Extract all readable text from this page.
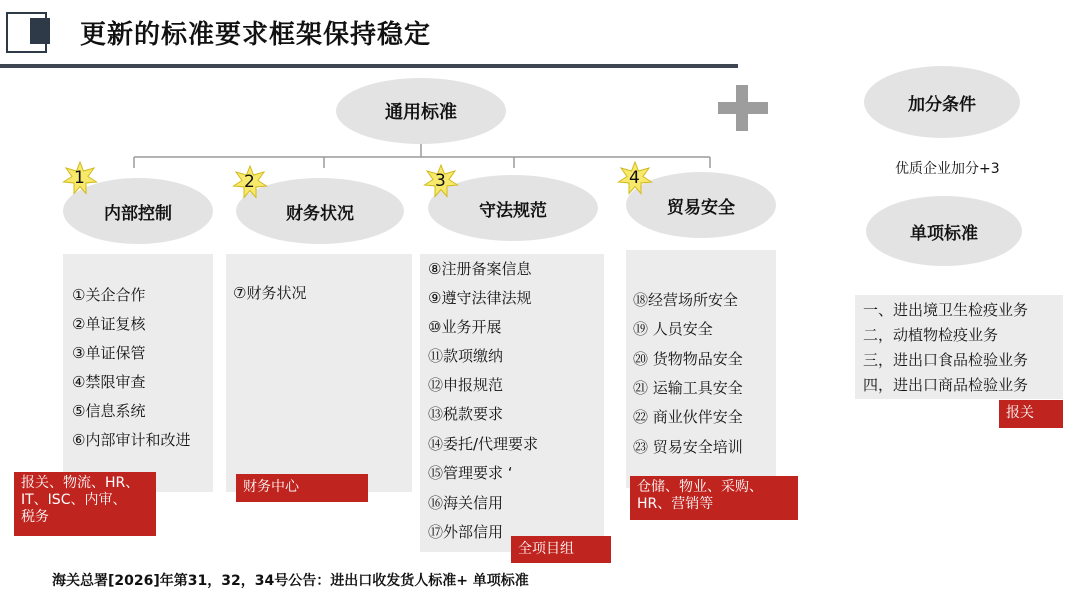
更新的标准要求框架保持稳定
通用标准
内部控制	财务状况	守法规范	贸易安全
1	2	3	4
①关企合作
②单证复核
③单证保管
④禁限审查
⑤信息系统
⑥内部审计和改进
⑦财务状况
⑧注册备案信息
⑨遵守法律法规
⑩业务开展
⑪款项缴纳
⑫申报规范
⑬税款要求
⑭委托/代理要求
⑮管理要求 ‘
⑯海关信用
⑰外部信用
⑱经营场所安全
⑲ 人员安全
⑳ 货物物品安全
㉑ 运输工具安全
㉒ 商业伙伴安全
㉓ 贸易安全培训
报关、物流、HR、
IT、ISC、内审、
税务
财务中心
全项目组
仓储、物业、采购、
HR、营销等
加分条件
优质企业加分+3
单项标准
一、进出境卫生检疫业务
二，动植物检疫业务
三，进出口食品检验业务
四，进出口商品检验业务
报关
海关总署[2026]年第31，32，34号公告：进出口收发货人标准+ 单项标准
